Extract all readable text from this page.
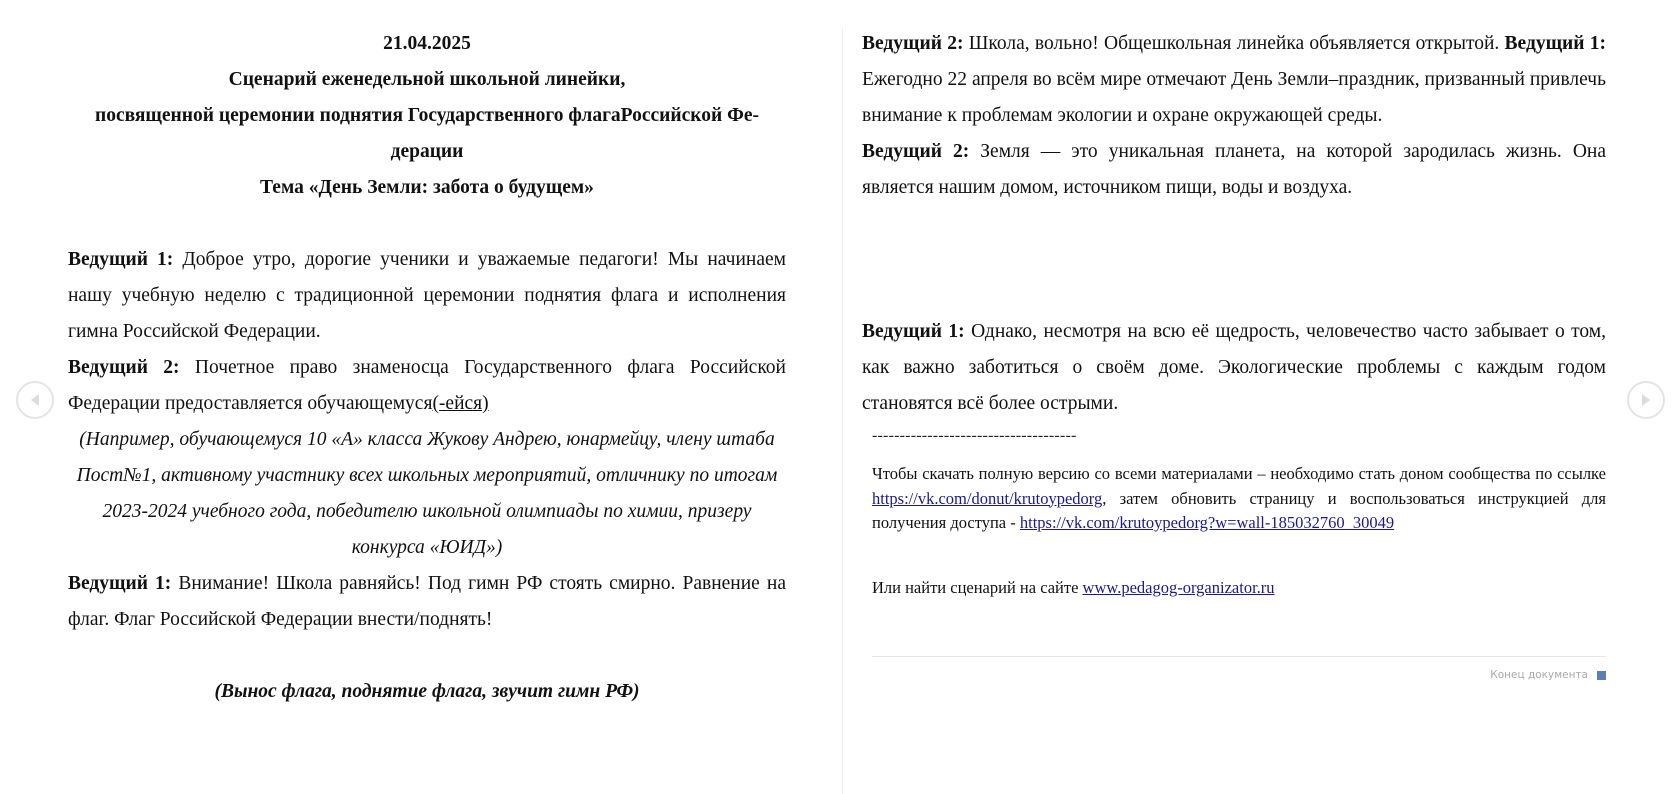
21.04.2025

Сценарий еженедельной школьной линейки,

посвященной церемонии поднятия Государственного флагаРоссийской Фе-

дерации

Тема «День Земли: забота о будущем»

Ведущий 1: Доброе утро, дорогие ученики и уважаемые педагоги! Мы начинаем нашу учебную неделю с традиционной церемонии поднятия флага и исполнения гимна Российской Федерации.

Ведущий 2: Почетное право знаменосца Государственного флага Российской Федерации предоставляется обучающемуся(-ейся)

(Например, обучающемуся 10 «А» класса Жукову Андрею, юнармейцу, члену штаба Пост№1, активному участнику всех школьных мероприятий, отличнику по итогам 2023-2024 учебного года, победителю школьной олимпиады по химии, призеру конкурса «ЮИД»)

Ведущий 1: Внимание! Школа равняйсь! Под гимн РФ стоять смирно. Равнение на флаг. Флаг Российской Федерации внести/поднять!

(Вынос флага, поднятие флага, звучит гимн РФ)

Ведущий 2: Школа, вольно! Общешкольная линейка объявляется открытой. Ведущий 1: Ежегодно 22 апреля во всём мире отмечают День Земли–праздник, призванный привлечь внимание к проблемам экологии и охране окружающей среды.

Ведущий 2: Земля — это уникальная планета, на которой зародилась жизнь. Она является нашим домом, источником пищи, воды и воздуха.

Ведущий 1: Однако, несмотря на всю её щедрость, человечество часто забывает о том, как важно заботиться о своём доме. Экологические проблемы с каждым годом становятся всё более острыми.

-------------------------------------

Чтобы скачать полную версию со всеми материалами – необходимо стать доном сообщества по ссылке https://vk.com/donut/krutoypedorg, затем обновить страницу и воспользоваться инструкцией для получения доступа - https://vk.com/krutoypedorg?w=wall-185032760_30049

Или найти сценарий на сайте www.pedagog-organizator.ru

Конец документа
